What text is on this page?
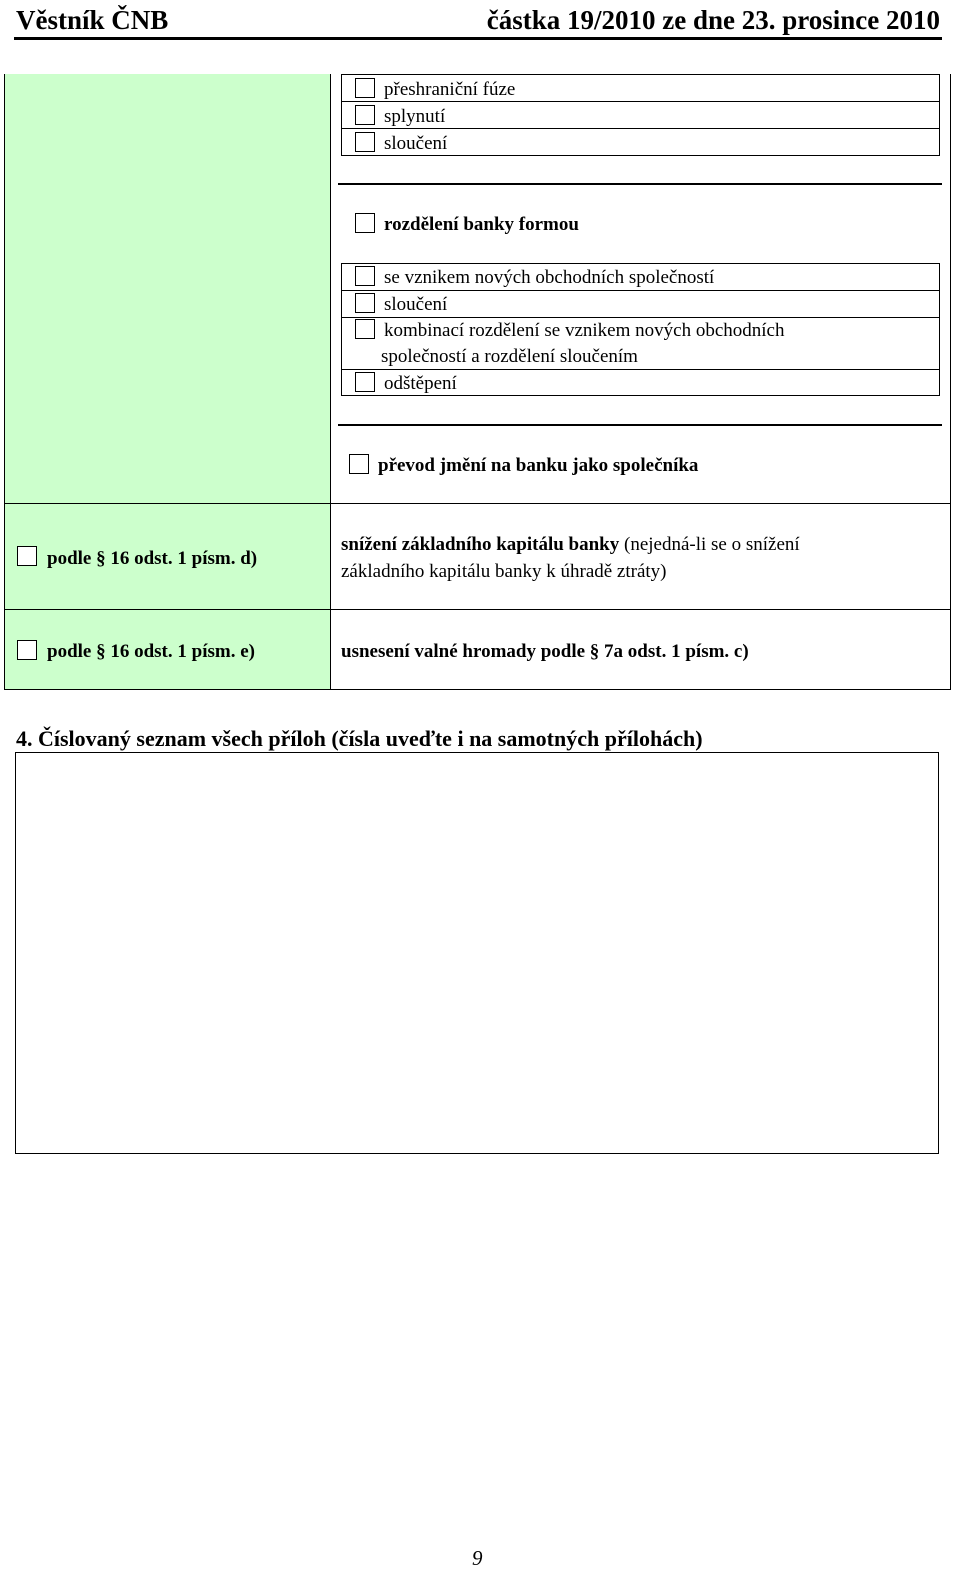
Věstník ČNB	částka 19/2010 ze dne 23. prosince 2010
přeshraniční fúze
splynutí
sloučení
rozdělení banky formou
se vznikem nových obchodních společností
sloučení
kombinací rozdělení se vznikem nových obchodních
společností a rozdělení sloučením
odštěpení
převod jmění na banku jako společníka
podle § 16 odst. 1 písm. d)
snížení základního kapitálu banky (nejedná-li se o snížení
základního kapitálu banky k úhradě ztráty)
podle § 16 odst. 1 písm. e)	usnesení valné hromady podle § 7a odst. 1 písm. c)
4. Číslovaný seznam všech příloh (čísla uveďte i na samotných přílohách)
9
